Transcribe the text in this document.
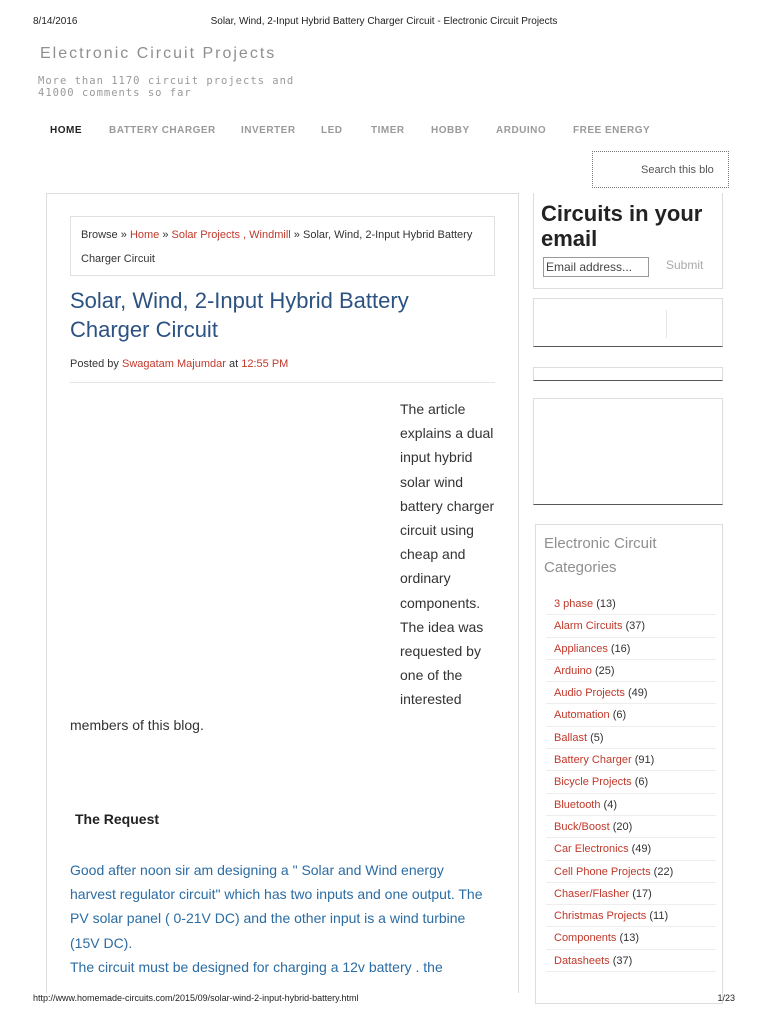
8/14/2016	Solar, Wind, 2-Input Hybrid Battery Charger Circuit - Electronic Circuit Projects
Electronic Circuit Projects
More than 1170 circuit projects and 41000 comments so far
HOME	BATTERY CHARGER	INVERTER	LED	TIMER	HOBBY	ARDUINO	FREE ENERGY
Search this blo
Browse » Home » Solar Projects , Windmill » Solar, Wind, 2-Input Hybrid Battery Charger Circuit
Solar, Wind, 2-Input Hybrid Battery Charger Circuit
Posted by Swagatam Majumdar at 12:55 PM
The article explains a dual input hybrid solar wind battery charger circuit using cheap and ordinary components. The idea was requested by one of the interested
members of this blog.
The Request

Good after noon sir am designing a " Solar and Wind energy harvest regulator circuit" which has two inputs and one output. The PV solar panel ( 0-21V DC) and the other input is a wind turbine (15V DC).

The circuit must be designed for charging a 12v battery . the

Circuits in your email
Email address...
Submit
Electronic Circuit Categories
3 phase (13)
Alarm Circuits (37)
Appliances (16)
Arduino (25)
Audio Projects (49)
Automation (6)
Ballast (5)
Battery Charger (91)
Bicycle Projects (6)
Bluetooth (4)
Buck/Boost (20)
Car Electronics (49)
Cell Phone Projects (22)
Chaser/Flasher (17)
Christmas Projects (11)
Components (13)
Datasheets (37)
http://www.homemade-circuits.com/2015/09/solar-wind-2-input-hybrid-battery.html	1/23
